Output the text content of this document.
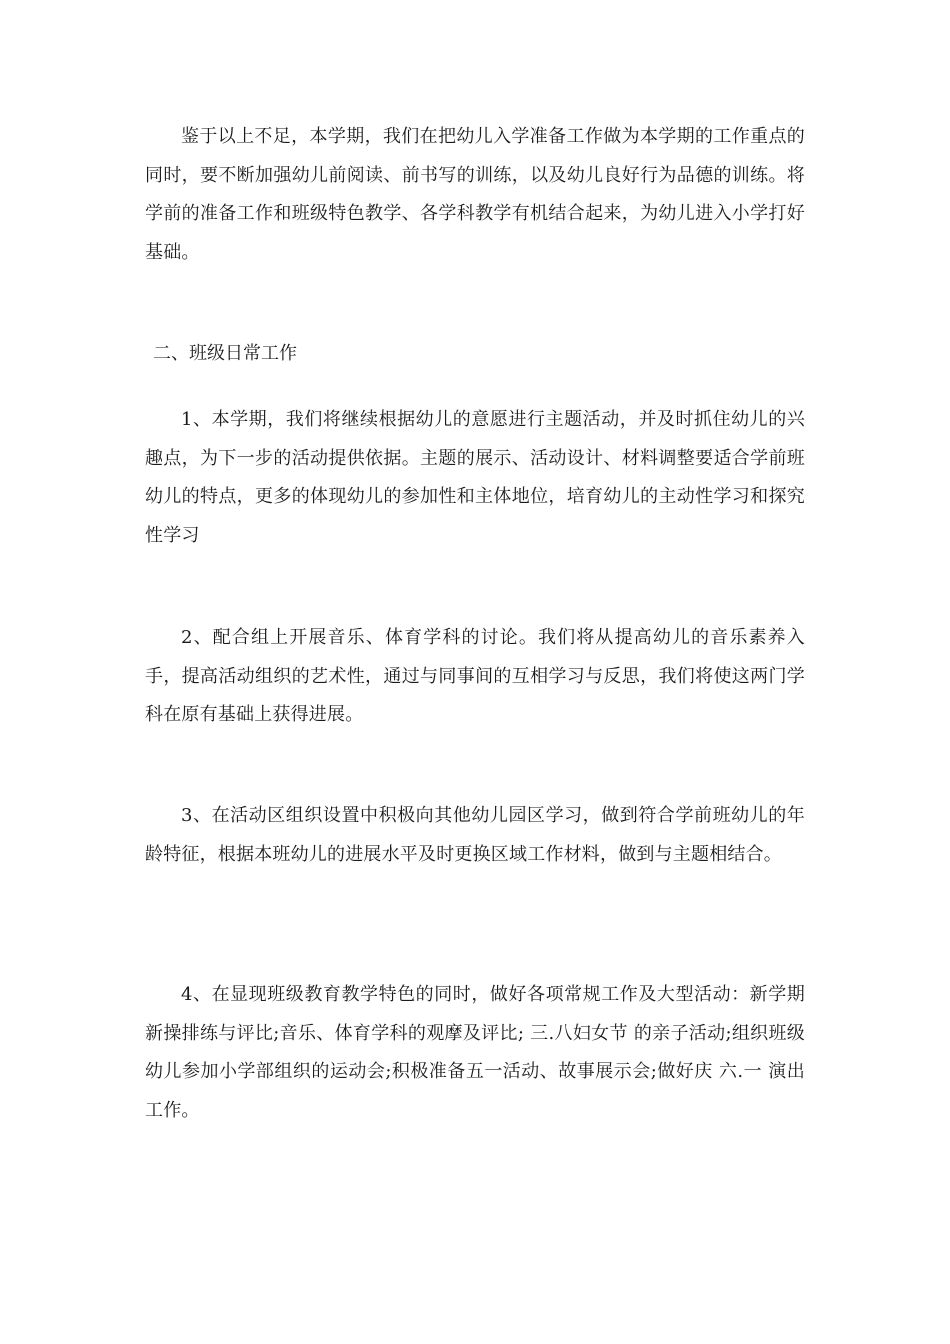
鉴于以上不足，本学期，我们在把幼儿入学准备工作做为本学期的工作重点的同时，要不断加强幼儿前阅读、前书写的训练，以及幼儿良好行为品德的训练。将学前的准备工作和班级特色教学、各学科教学有机结合起来，为幼儿进入小学打好基础。

二、班级日常工作

1、本学期，我们将继续根据幼儿的意愿进行主题活动，并及时抓住幼儿的兴趣点，为下一步的活动提供依据。主题的展示、活动设计、材料调整要适合学前班幼儿的特点，更多的体现幼儿的参加性和主体地位，培育幼儿的主动性学习和探究性学习

2、配合组上开展音乐、体育学科的讨论。我们将从提高幼儿的音乐素养入手，提高活动组织的艺术性，通过与同事间的互相学习与反思，我们将使这两门学科在原有基础上获得进展。

3、在活动区组织设置中积极向其他幼儿园区学习，做到符合学前班幼儿的年龄特征，根据本班幼儿的进展水平及时更换区域工作材料，做到与主题相结合。

4、在显现班级教育教学特色的同时，做好各项常规工作及大型活动：新学期新操排练与评比;音乐、体育学科的观摩及评比; 三.八妇女节 的亲子活动;组织班级幼儿参加小学部组织的运动会;积极准备五一活动、故事展示会;做好庆 六.一 演出工作。
